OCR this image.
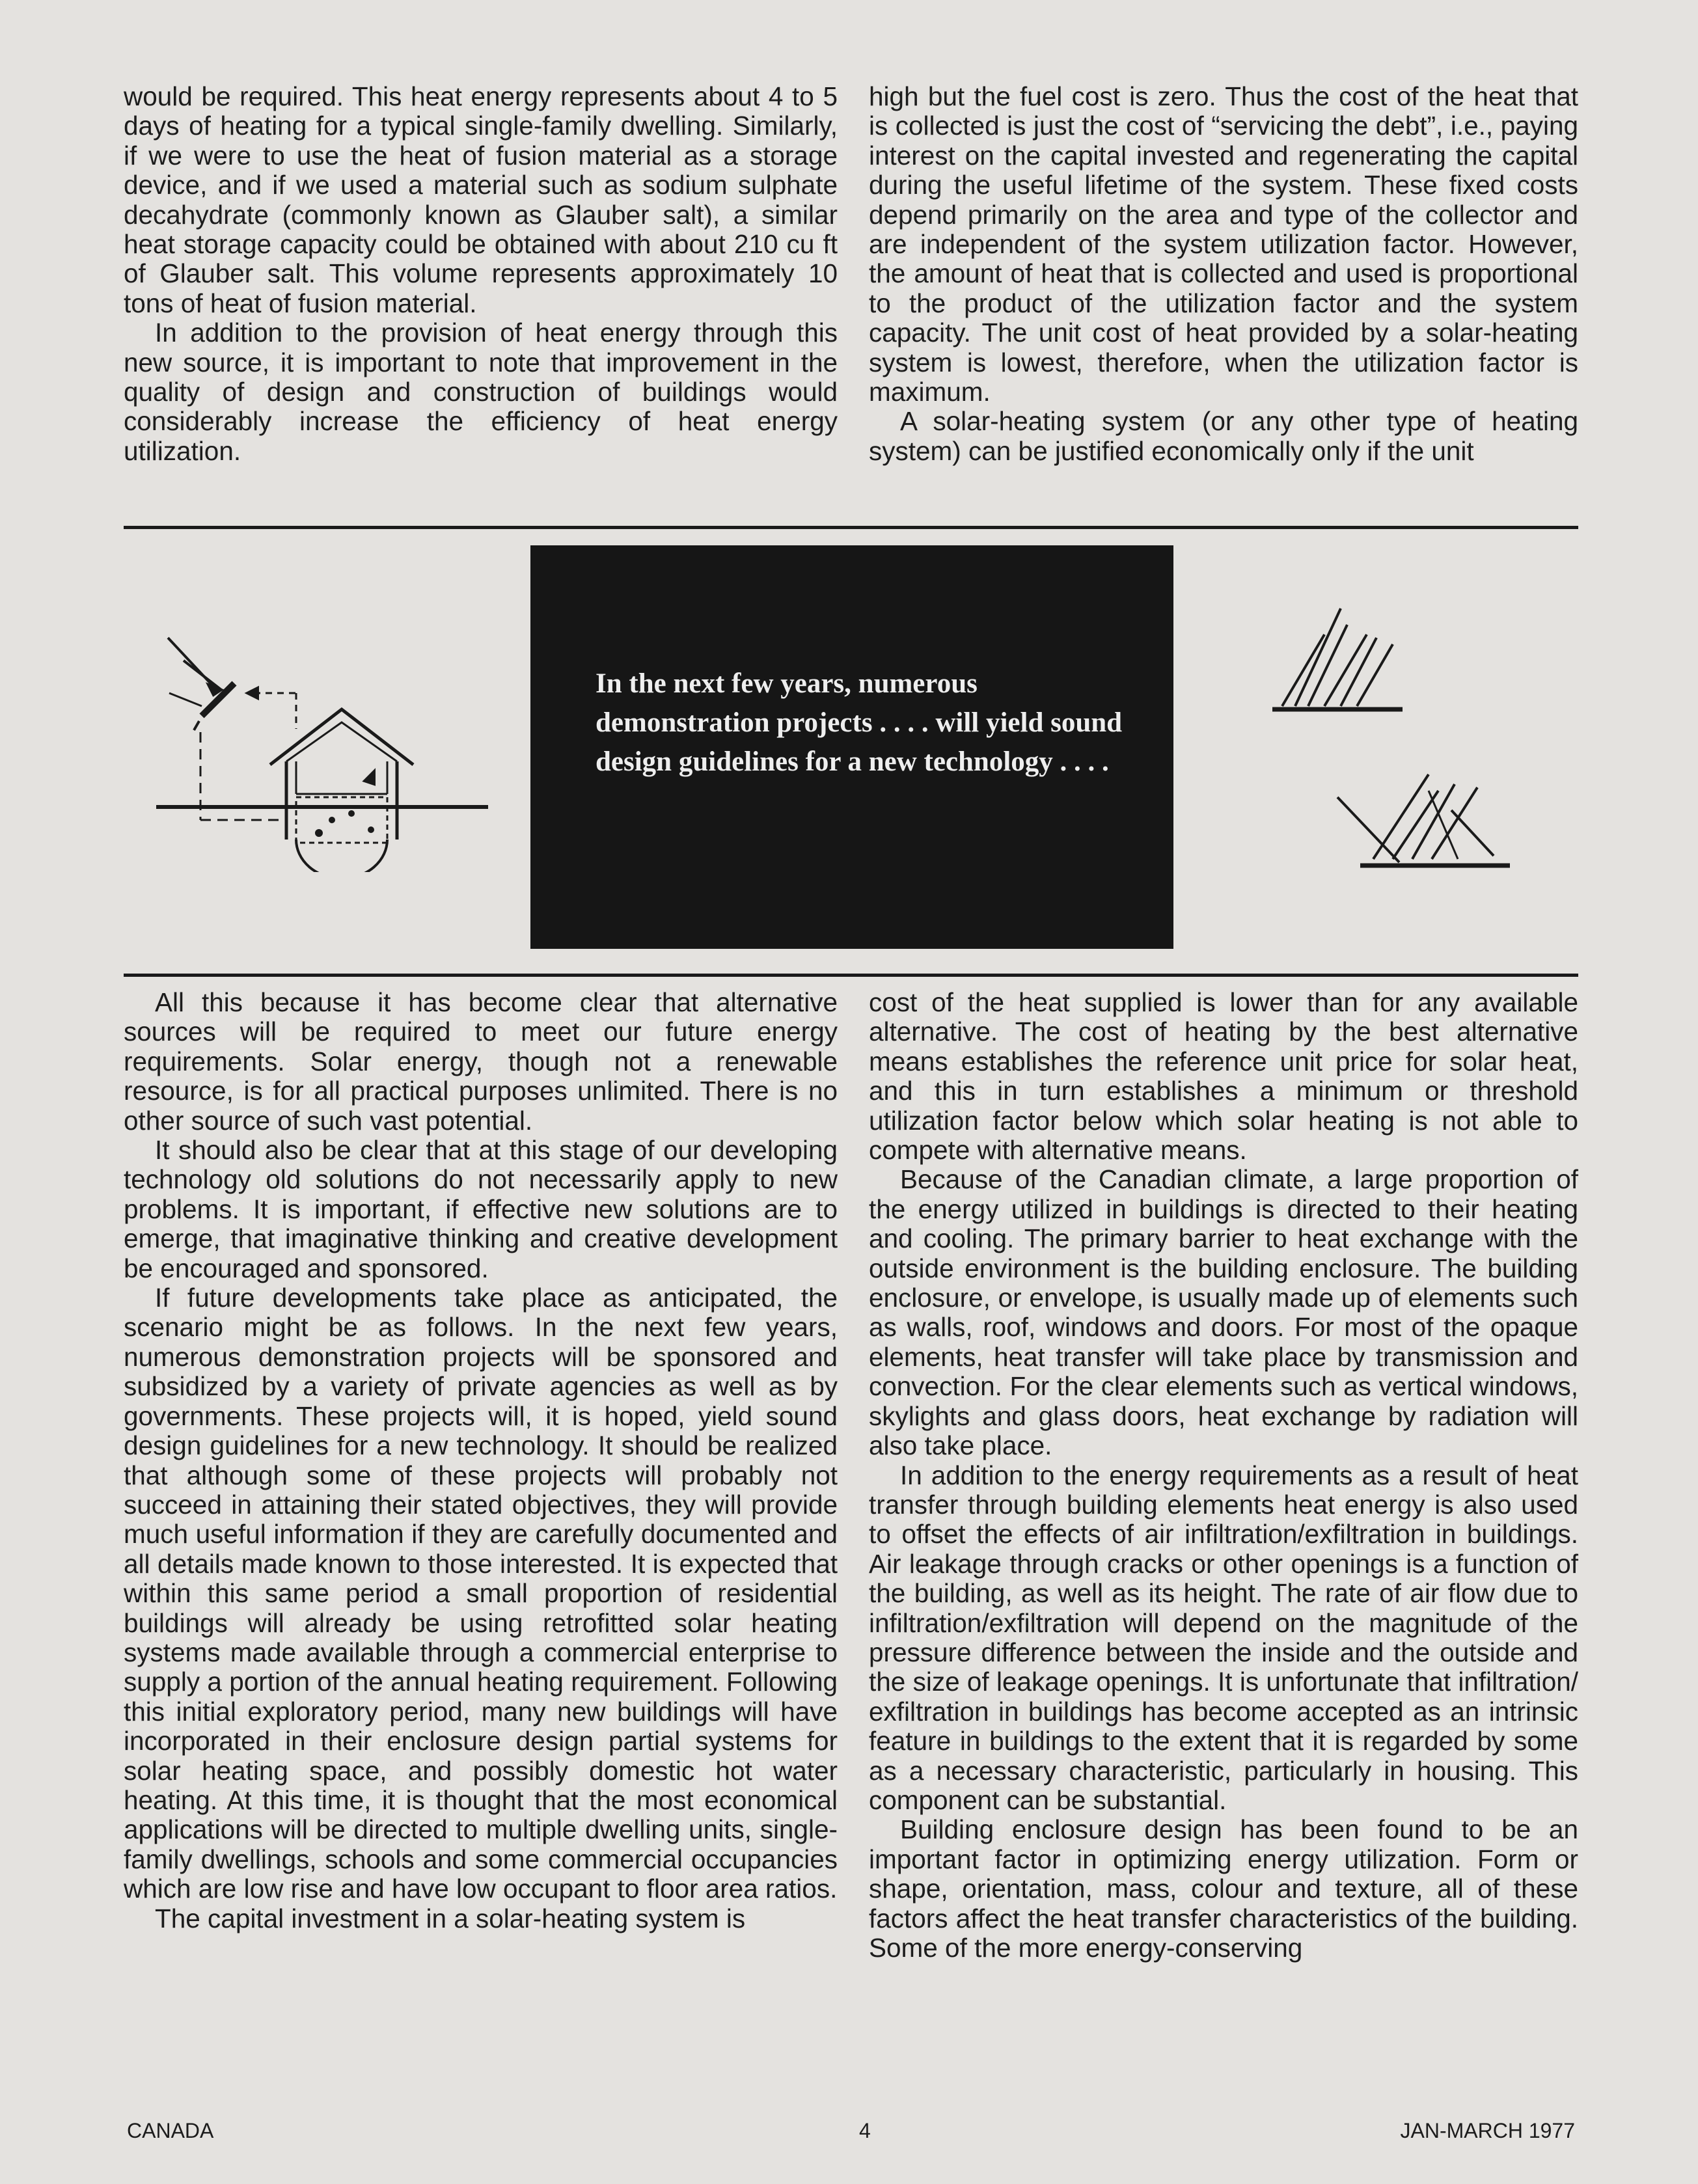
would be required. This heat energy represents about 4 to 5 days of heating for a typical single-family dwelling. Similarly, if we were to use the heat of fusion material as a storage device, and if we used a material such as sodium sulphate decahydrate (commonly known as Glauber salt), a similar heat storage capacity could be obtained with about 210 cu ft of Glauber salt. This volume represents approximately 10 tons of heat of fusion material.

In addition to the provision of heat energy through this new source, it is important to note that improvement in the quality of design and construction of buildings would considerably increase the efficiency of heat energy utilization.

high but the fuel cost is zero. Thus the cost of the heat that is collected is just the cost of “servicing the debt”, i.e., paying interest on the capital invested and regenerating the capital during the useful lifetime of the system. These fixed costs depend primarily on the area and type of the collector and are independent of the system utilization factor. However, the amount of heat that is collected and used is proportional to the product of the utilization factor and the system capacity. The unit cost of heat provided by a solar-heating system is lowest, therefore, when the utilization factor is maximum.

A solar-heating system (or any other type of heating system) can be justified economically only if the unit

In the next few years, numerous demonstration projects . . . . will yield sound design guidelines for a new technology . . . .

All this because it has become clear that alternative sources will be required to meet our future energy requirements. Solar energy, though not a renewable resource, is for all practical purposes unlimited. There is no other source of such vast potential.

It should also be clear that at this stage of our developing technology old solutions do not necessarily apply to new problems. It is important, if effective new solutions are to emerge, that imaginative thinking and creative development be encouraged and sponsored.

If future developments take place as anticipated, the scenario might be as follows. In the next few years, numerous demonstration projects will be sponsored and subsidized by a variety of private agencies as well as by governments. These projects will, it is hoped, yield sound design guidelines for a new technology. It should be realized that although some of these projects will probably not succeed in attaining their stated objectives, they will provide much useful information if they are carefully documented and all details made known to those interested. It is expected that within this same period a small proportion of residential buildings will already be using retrofitted solar heating systems made available through a commercial enterprise to supply a portion of the annual heating requirement. Following this initial exploratory period, many new buildings will have incorporated in their enclosure design partial systems for solar heating space, and possibly domestic hot water heating. At this time, it is thought that the most economical applications will be directed to multiple dwelling units, single-family dwellings, schools and some commercial occupancies which are low rise and have low occupant to floor area ratios.

The capital investment in a solar-heating system is

cost of the heat supplied is lower than for any available alternative. The cost of heating by the best alternative means establishes the reference unit price for solar heat, and this in turn establishes a minimum or threshold utilization factor below which solar heating is not able to compete with alternative means.

Because of the Canadian climate, a large proportion of the energy utilized in buildings is directed to their heating and cooling. The primary barrier to heat exchange with the outside environment is the building enclosure. The building enclosure, or envelope, is usually made up of elements such as walls, roof, windows and doors. For most of the opaque elements, heat transfer will take place by transmission and convection. For the clear elements such as vertical windows, skylights and glass doors, heat exchange by radiation will also take place.

In addition to the energy requirements as a result of heat transfer through building elements heat energy is also used to offset the effects of air infiltration/exfiltration in buildings. Air leakage through cracks or other openings is a function of the building, as well as its height. The rate of air flow due to infiltration/exfiltration will depend on the magnitude of the pressure difference between the inside and the outside and the size of leakage openings. It is unfortunate that infiltration/ exfiltration in buildings has become accepted as an intrinsic feature in buildings to the extent that it is regarded by some as a necessary characteristic, particularly in housing. This component can be substantial.

Building enclosure design has been found to be an important factor in optimizing energy utilization. Form or shape, orientation, mass, colour and texture, all of these factors affect the heat transfer characteristics of the building. Some of the more energy-conserving

CANADA	4	JAN-MARCH 1977
